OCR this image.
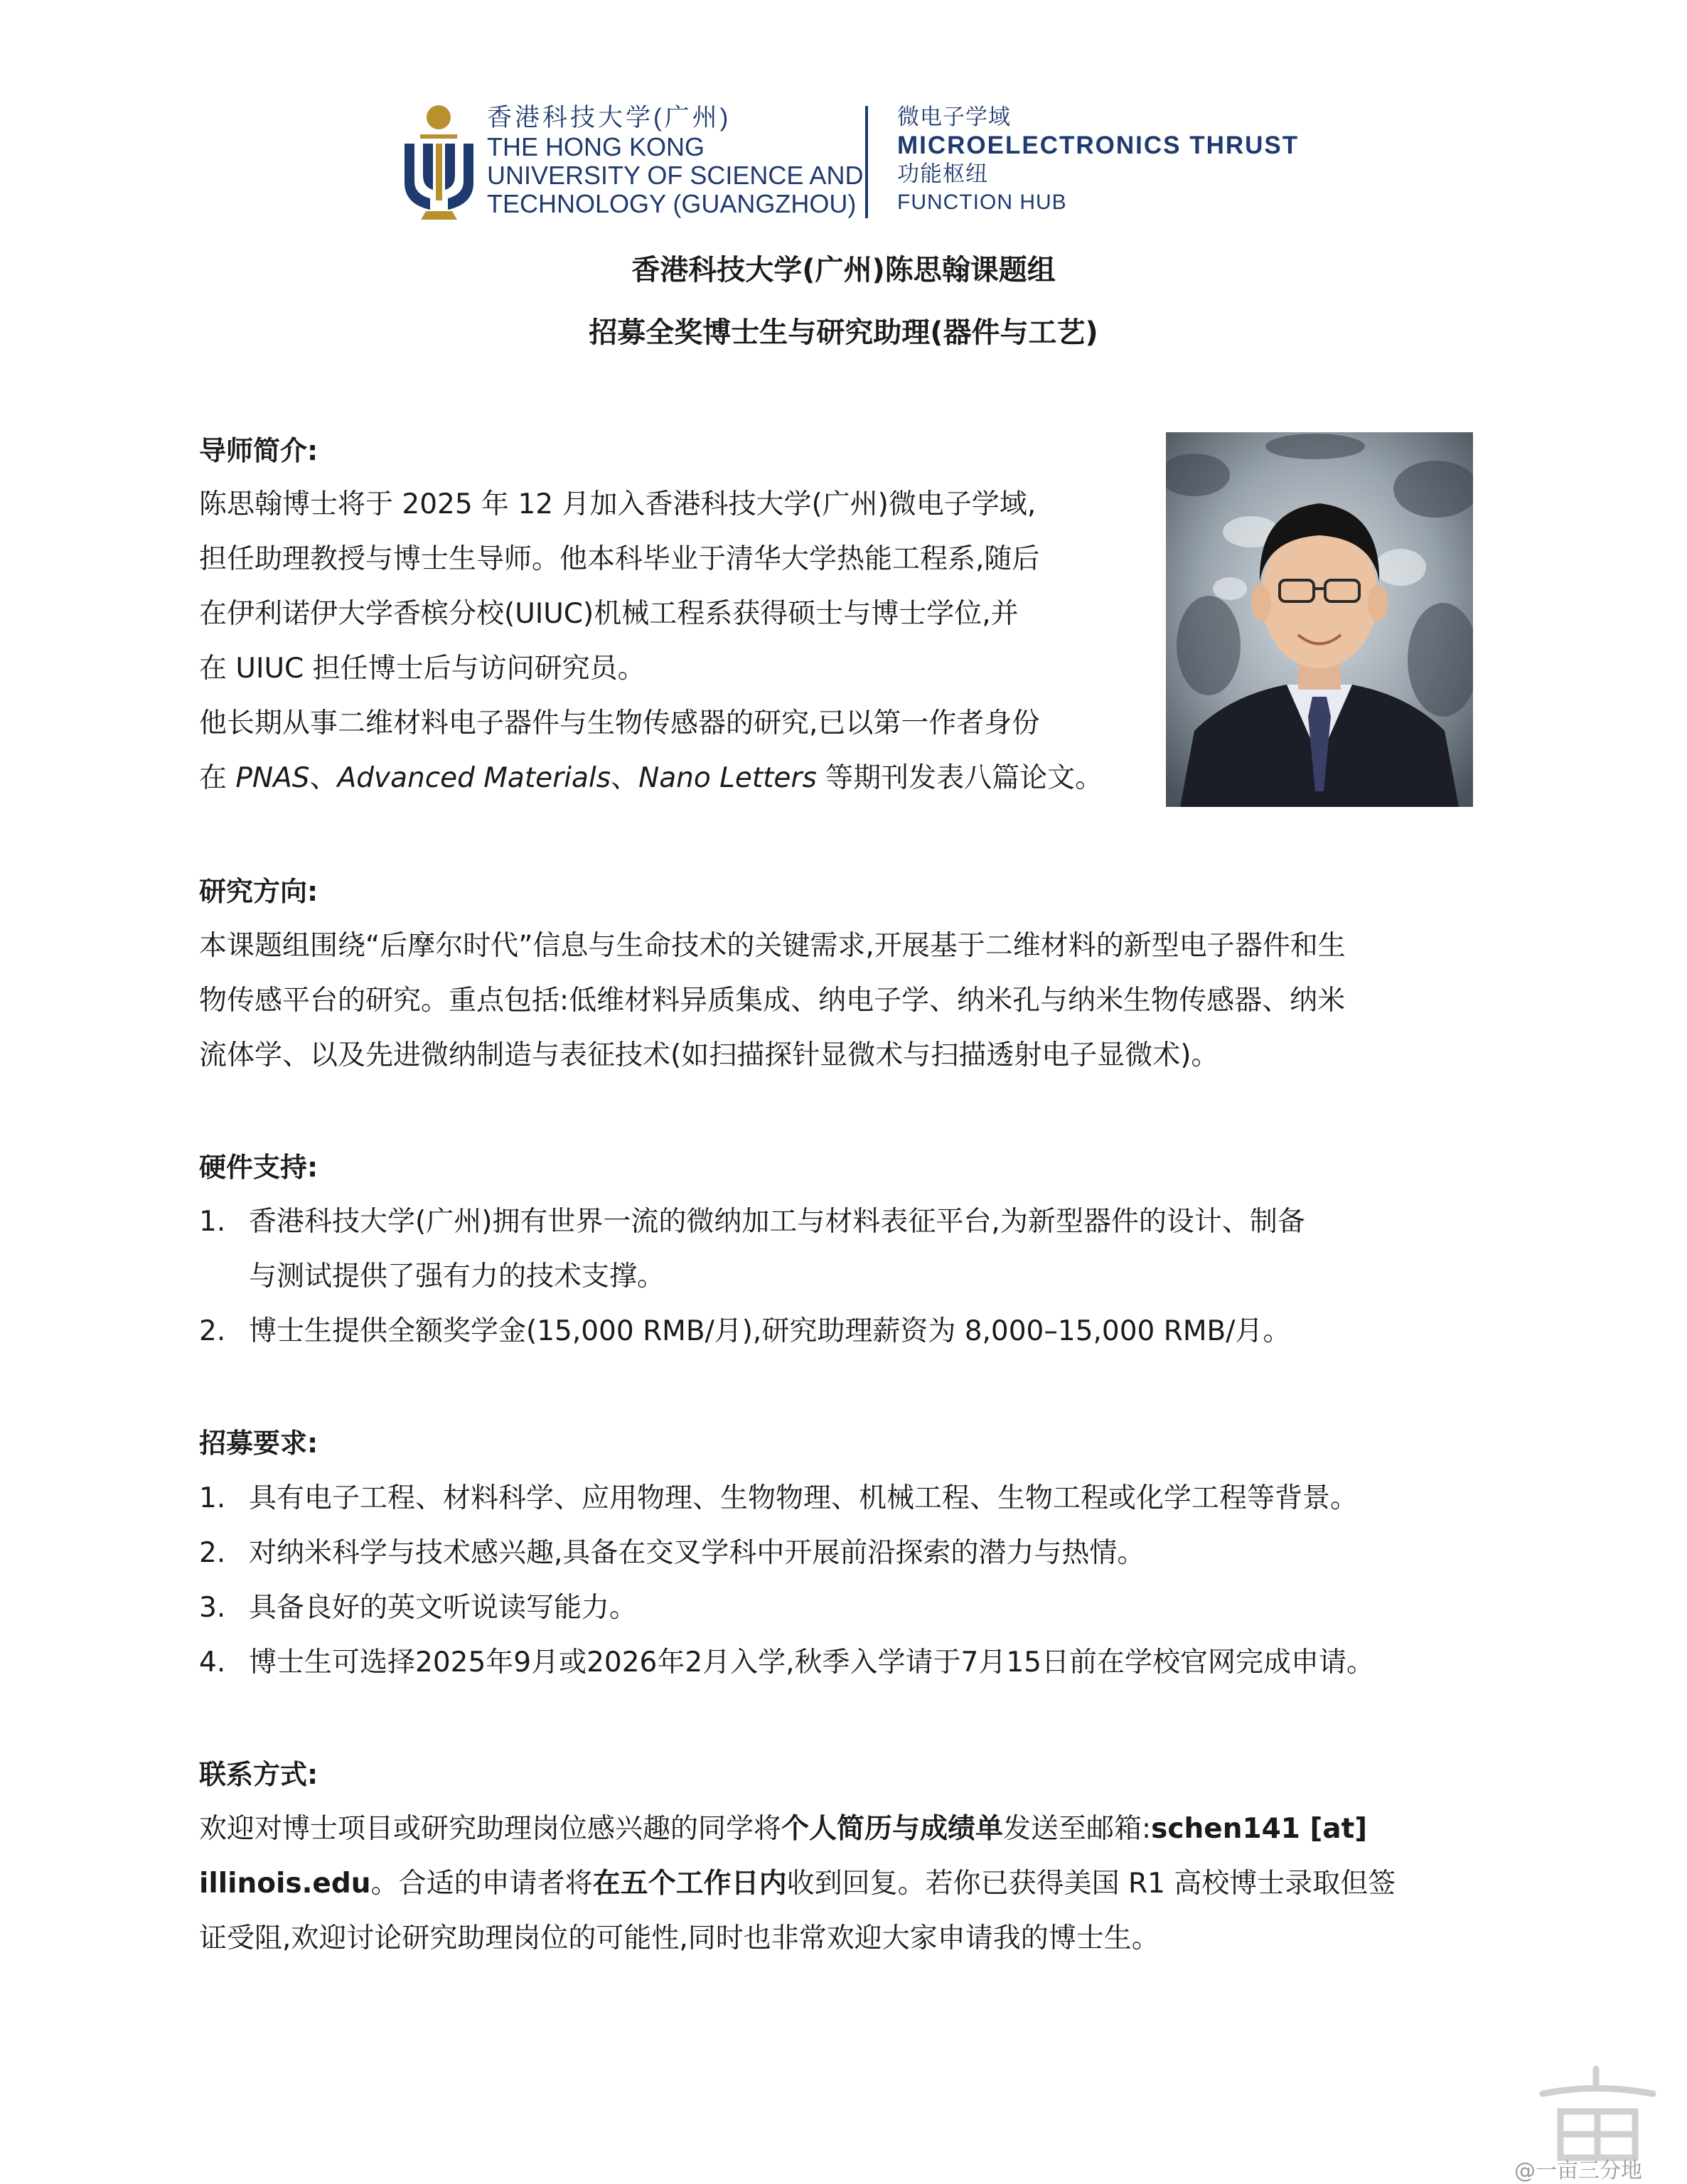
香港科技大学(广州)
THE HONG KONG
UNIVERSITY OF SCIENCE AND
TECHNOLOGY (GUANGZHOU)
微电子学域
MICROELECTRONICS THRUST
功能枢纽
FUNCTION HUB
香港科技大学(广州)陈思翰课题组
招募全奖博士生与研究助理(器件与工艺)
导师简介:
陈思翰博士将于 2025 年 12 月加入香港科技大学(广州)微电子学域,
担任助理教授与博士生导师。他本科毕业于清华大学热能工程系,随后
在伊利诺伊大学香槟分校(UIUC)机械工程系获得硕士与博士学位,并
在 UIUC 担任博士后与访问研究员。
他长期从事二维材料电子器件与生物传感器的研究,已以第一作者身份
在 PNAS、Advanced Materials、Nano Letters 等期刊发表八篇论文。
研究方向:
本课题组围绕“后摩尔时代”信息与生命技术的关键需求,开展基于二维材料的新型电子器件和生
物传感平台的研究。重点包括:低维材料异质集成、纳电子学、纳米孔与纳米生物传感器、纳米
流体学、以及先进微纳制造与表征技术(如扫描探针显微术与扫描透射电子显微术)。
硬件支持:
1. 香港科技大学(广州)拥有世界一流的微纳加工与材料表征平台,为新型器件的设计、制备
与测试提供了强有力的技术支撑。
2. 博士生提供全额奖学金(15,000 RMB/月),研究助理薪资为 8,000–15,000 RMB/月。
招募要求:
1. 具有电子工程、材料科学、应用物理、生物物理、机械工程、生物工程或化学工程等背景。
2. 对纳米科学与技术感兴趣,具备在交叉学科中开展前沿探索的潜力与热情。
3. 具备良好的英文听说读写能力。
4. 博士生可选择2025年9月或2026年2月入学,秋季入学请于7月15日前在学校官网完成申请。
联系方式:
欢迎对博士项目或研究助理岗位感兴趣的同学将个人简历与成绩单发送至邮箱:schen141 [at]
illinois.edu。合适的申请者将在五个工作日内收到回复。若你已获得美国 R1 高校博士录取但签
证受阻,欢迎讨论研究助理岗位的可能性,同时也非常欢迎大家申请我的博士生。
@一亩三分地
